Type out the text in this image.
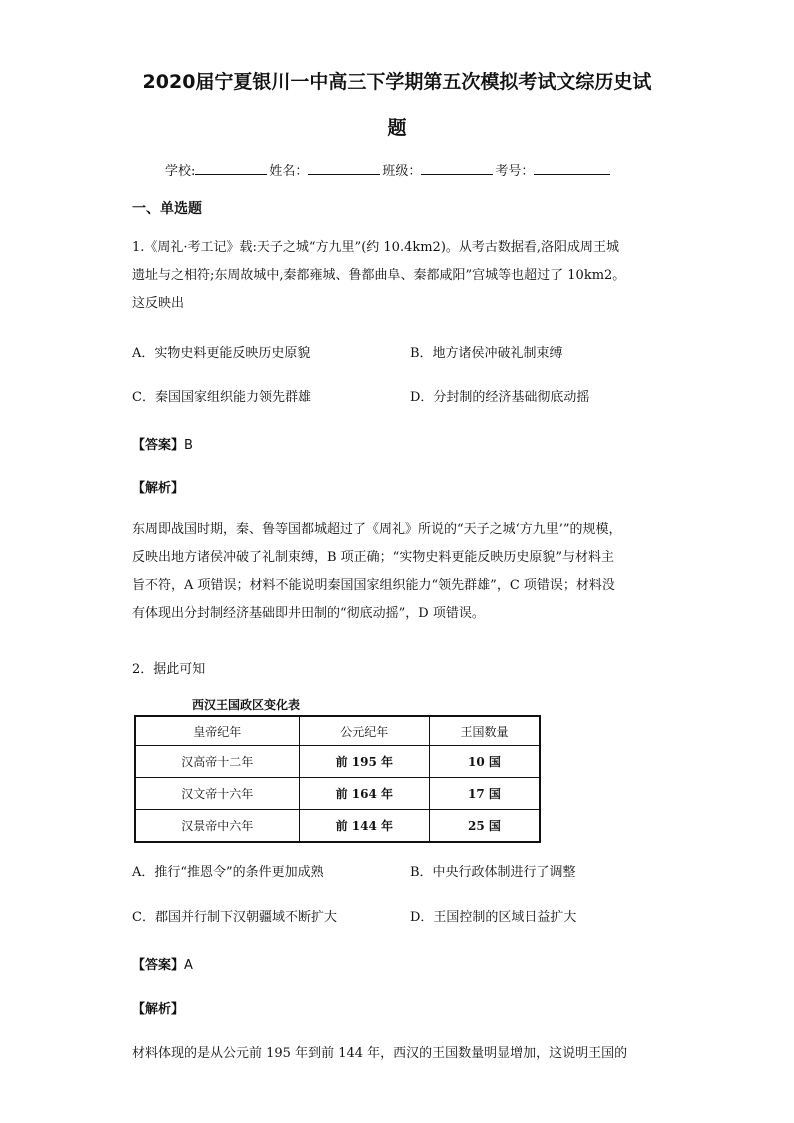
2020届宁夏银川一中高三下学期第五次模拟考试文综历史试
题
学校:	姓名：	班级：	考号：
一、单选题
1.《周礼·考工记》载:天子之城“方九里”(约 10.4km2)。从考古数据看,洛阳成周王城
遗址与之相符;东周故城中,秦都雍城、鲁都曲阜、秦都咸阳”宫城等也超过了 10km2。
这反映出
A．实物史料更能反映历史原貌	B．地方诸侯冲破礼制束缚
C．秦国国家组织能力领先群雄	D．分封制的经济基础彻底动摇
【答案】B
【解析】
东周即战国时期，秦、鲁等国都城超过了《周礼》所说的“天子之城‘方九里’”的规模，
反映出地方诸侯冲破了礼制束缚，B 项正确；“实物史料更能反映历史原貌”与材料主
旨不符，A 项错误；材料不能说明秦国国家组织能力“领先群雄”，C 项错误；材料没
有体现出分封制经济基础即井田制的“彻底动摇”，D 项错误。
2．据此可知
西汉王国政区变化表
皇帝纪年	公元纪年	王国数量
汉高帝十二年	前 195 年	10 国
汉文帝十六年	前 164 年	17 国
汉景帝中六年	前 144 年	25 国
A．推行“推恩令”的条件更加成熟	B．中央行政体制进行了调整
C．郡国并行制下汉朝疆域不断扩大	D．王国控制的区域日益扩大
【答案】A
【解析】
材料体现的是从公元前 195 年到前 144 年，西汉的王国数量明显增加，这说明王国的
